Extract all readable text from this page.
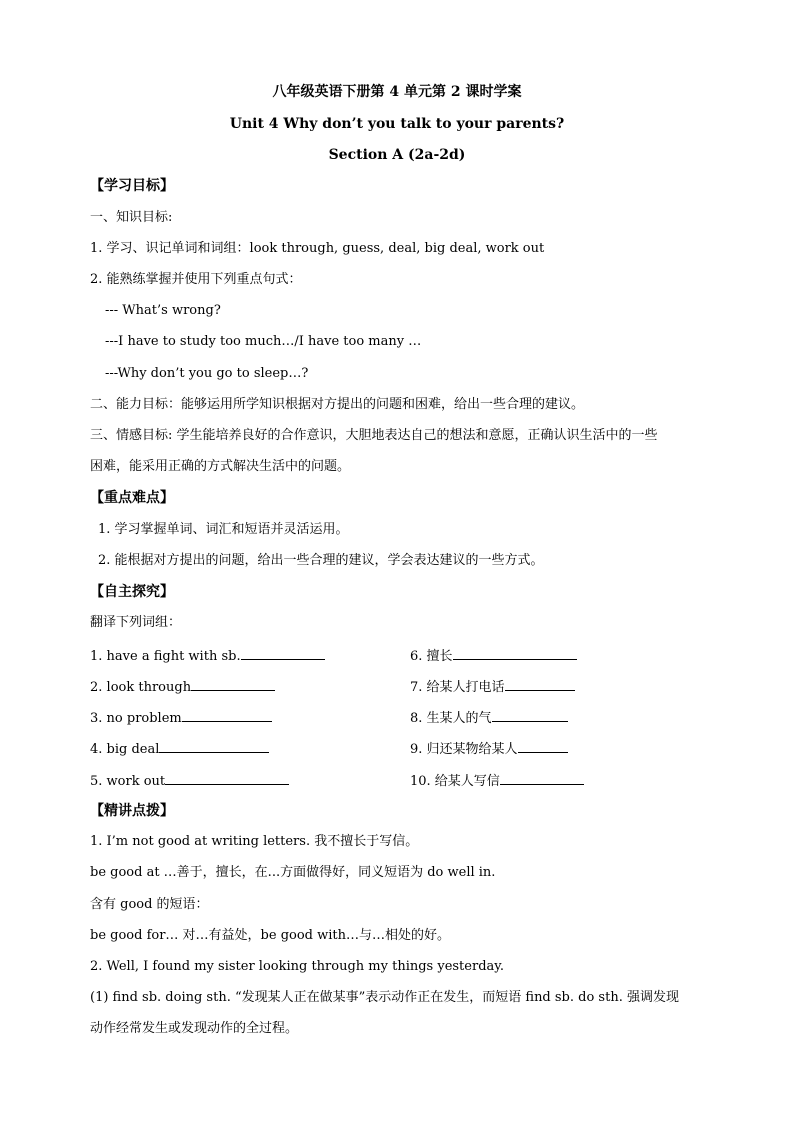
八年级英语下册第 4 单元第 2 课时学案
Unit 4 Why don’t you talk to your parents?
Section A (2a-2d)
【学习目标】
一、知识目标:
1. 学习、识记单词和词组：look through, guess, deal, big deal, work out
2. 能熟练掌握并使用下列重点句式：
--- What’s wrong?
---I have to study too much…/I have too many …
---Why don’t you go to sleep…?
二、能力目标：能够运用所学知识根据对方提出的问题和困难，给出一些合理的建议。
三、情感目标: 学生能培养良好的合作意识，大胆地表达自己的想法和意愿，正确认识生活中的一些
困难，能采用正确的方式解决生活中的问题。
【重点难点】
1. 学习掌握单词、词汇和短语并灵活运用。
2. 能根据对方提出的问题，给出一些合理的建议，学会表达建议的一些方式。
【自主探究】
翻译下列词组：
1. have a fight with sb.
2. look through
3. no problem
4. big deal
5. work out
6. 擅长
7. 给某人打电话
8. 生某人的气
9. 归还某物给某人
10. 给某人写信
【精讲点拨】
1. I’m not good at writing letters. 我不擅长于写信。
be good at …善于，擅长，在...方面做得好，同义短语为 do well in.
含有 good 的短语：
be good for… 对…有益处，be good with…与…相处的好。
2. Well, I found my sister looking through my things yesterday.
(1) find sb. doing sth. “发现某人正在做某事”表示动作正在发生，而短语 find sb. do sth. 强调发现
动作经常发生或发现动作的全过程。
